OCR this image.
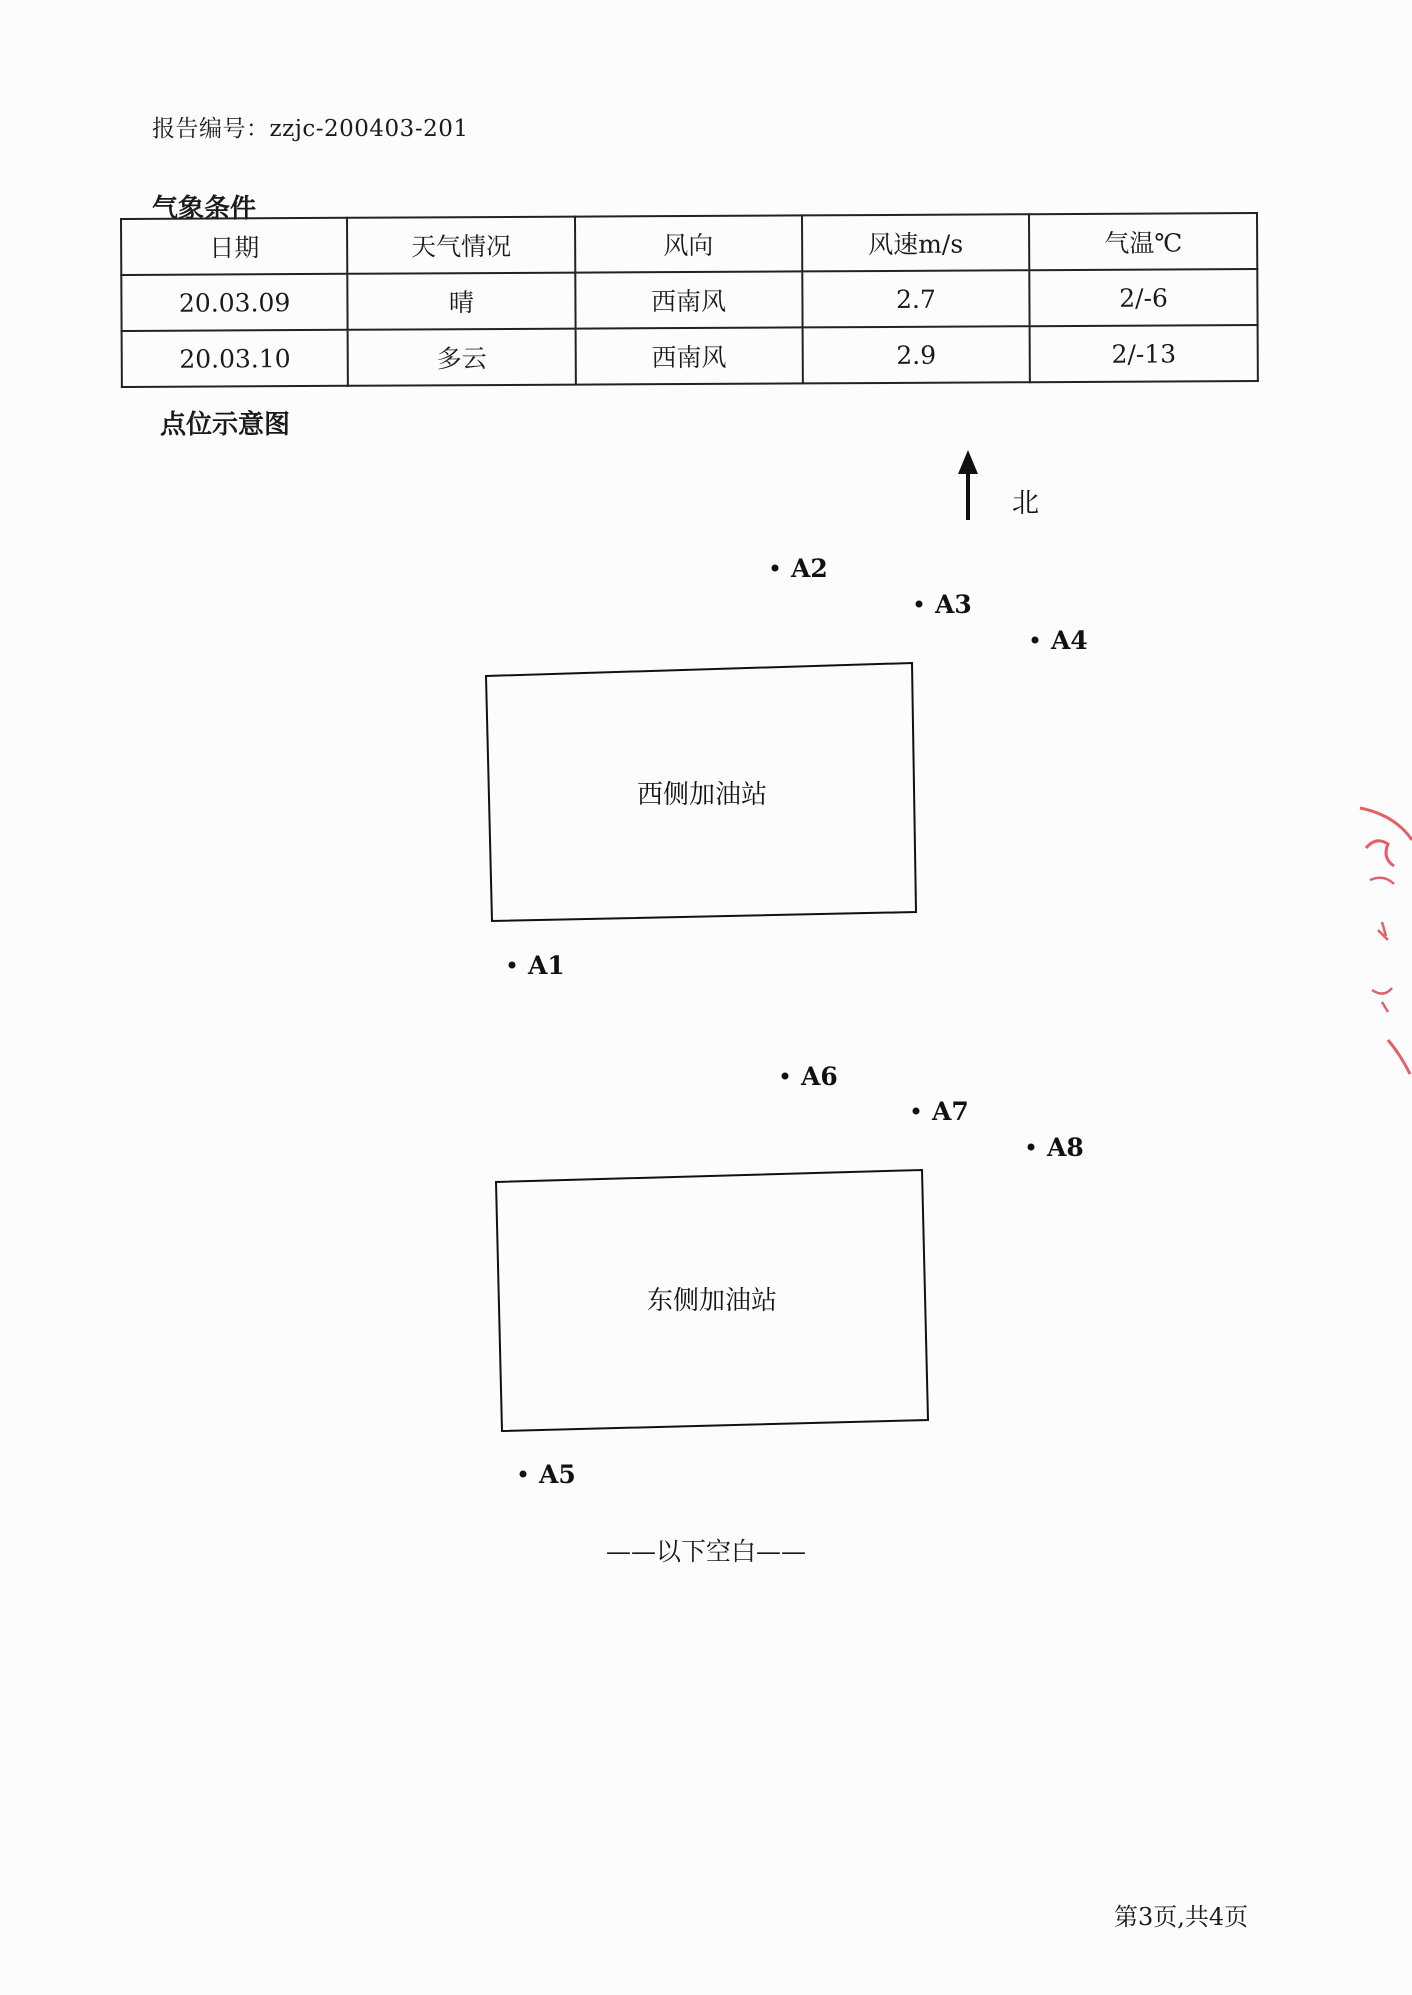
报告编号：zzjc-200403-201
气象条件
日期	天气情况	风向	风速m/s	气温℃
20.03.09	晴	西南风	2.7	2/-6
20.03.10	多云	西南风	2.9	2/-13
点位示意图
北
西侧加油站
东侧加油站
A2
A3
A4
A1
A6
A7
A8
A5
——以下空白——
第3页,共4页
